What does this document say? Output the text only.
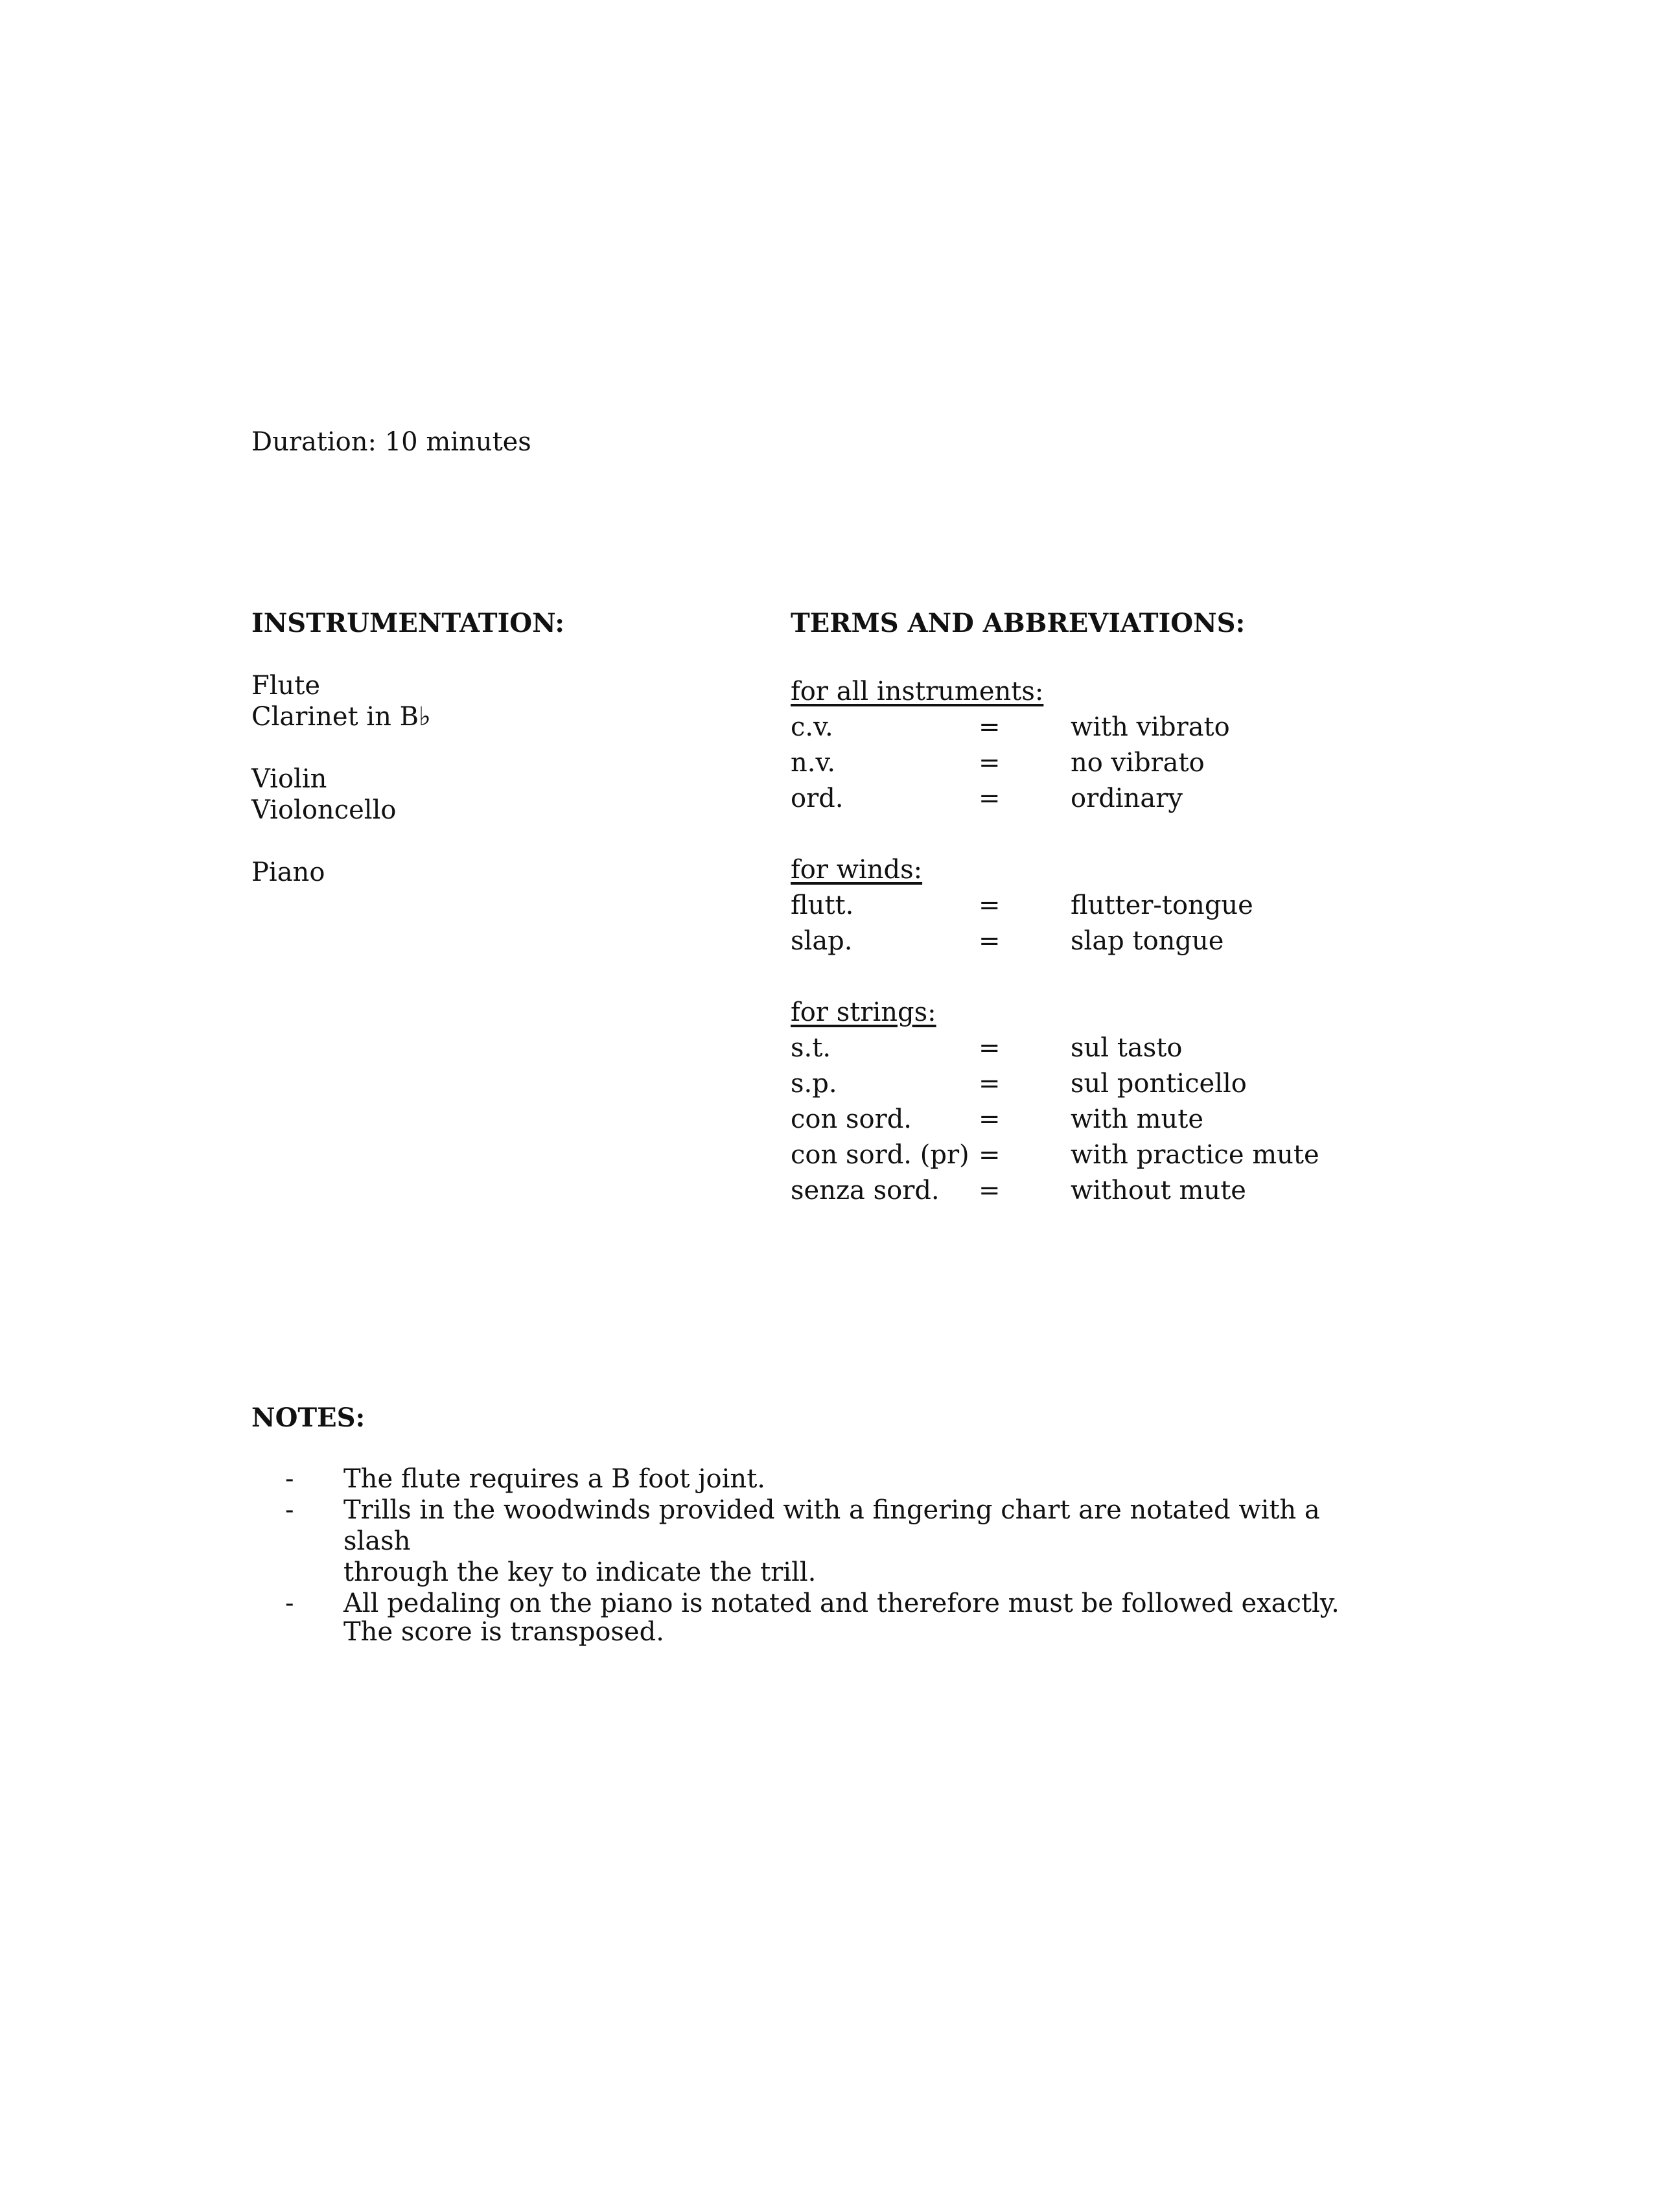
Duration: 10 minutes
INSTRUMENTATION:
Flute
Clarinet in B♭
Violin
Violoncello
Piano
TERMS AND ABBREVIATIONS:
for all instruments:
c.v.	=	with vibrato
n.v.	=	no vibrato
ord.	=	ordinary
for winds:
flutt.	=	flutter-tongue
slap.	=	slap tongue
for strings:
s.t.	=	sul tasto
s.p.	=	sul ponticello
con sord.	=	with mute
con sord. (pr) =	with practice mute
senza sord. =	without mute
NOTES:
- The flute requires a B foot joint.
- Trills in the woodwinds provided with a fingering chart are notated with a slash
through the key to indicate the trill.
- All pedaling on the piano is notated and therefore must be followed exactly.
The score is transposed.
